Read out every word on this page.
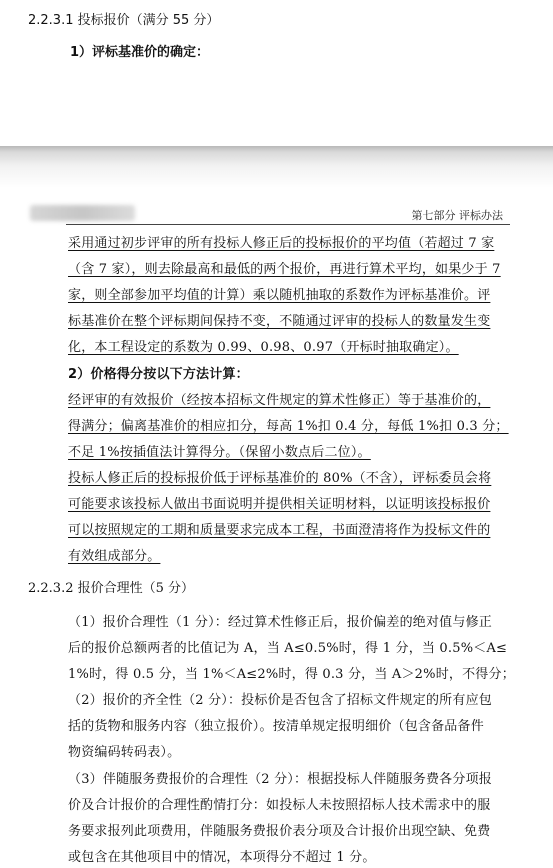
2.2.3.1 投标报价（满分 55 分）
1）评标基准价的确定：
第七部分 评标办法
采用通过初步评审的所有投标人修正后的投标报价的平均值（若超过 7 家
（含 7 家），则去除最高和最低的两个报价，再进行算术平均，如果少于 7
家，则全部参加平均值的计算）乘以随机抽取的系数作为评标基准价。评
标基准价在整个评标期间保持不变，不随通过评审的投标人的数量发生变
化，本工程设定的系数为 0.99、0.98、0.97（开标时抽取确定）。
2）价格得分按以下方法计算：
经评审的有效报价（经按本招标文件规定的算术性修正）等于基准价的，
得满分；偏离基准价的相应扣分，每高 1%扣 0.4 分，每低 1%扣 0.3 分；
不足 1%按插值法计算得分。（保留小数点后二位）。
投标人修正后的投标报价低于评标基准价的 80%（不含），评标委员会将
可能要求该投标人做出书面说明并提供相关证明材料，以证明该投标报价
可以按照规定的工期和质量要求完成本工程，书面澄清将作为投标文件的
有效组成部分。
2.2.3.2 报价合理性（5 分）
（1）报价合理性（1 分）：经过算术性修正后，报价偏差的绝对值与修正
后的报价总额两者的比值记为 A，当 A≤0.5%时，得 1 分，当 0.5%＜A≤
1%时，得 0.5 分，当 1%＜A≤2%时，得 0.3 分，当 A＞2%时，不得分；
（2）报价的齐全性（2 分）：投标价是否包含了招标文件规定的所有应包
括的货物和服务内容（独立报价）。按清单规定报明细价（包含备品备件
物资编码转码表）。
（3）伴随服务费报价的合理性（2 分）：根据投标人伴随服务费各分项报
价及合计报价的合理性酌情打分：如投标人未按照招标人技术需求中的服
务要求报列此项费用，伴随服务费报价表分项及合计报价出现空缺、免费
或包含在其他项目中的情况，本项得分不超过 1 分。
